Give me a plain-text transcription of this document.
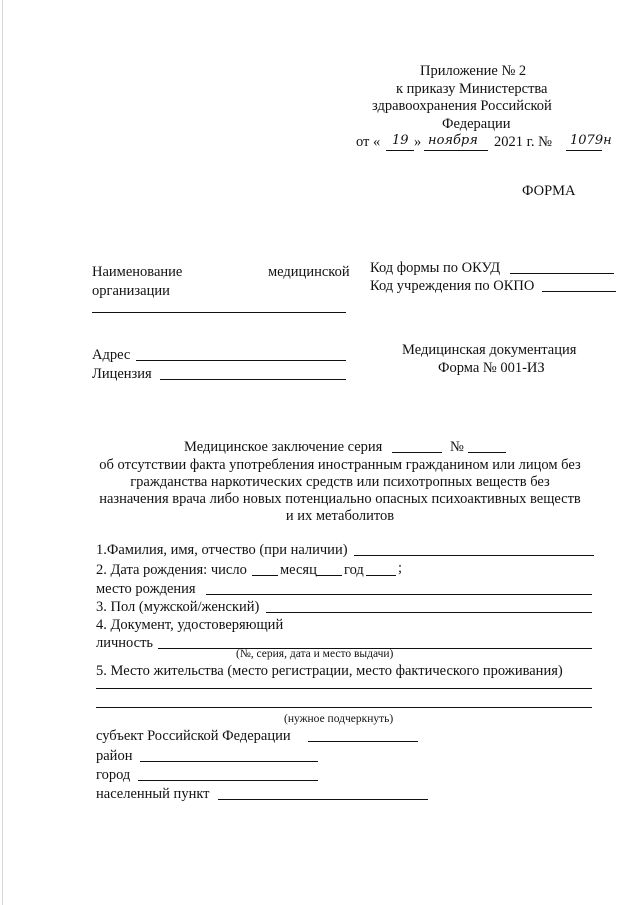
Приложение № 2
к приказу Министерства
здравоохранения Российской
Федерации
от « 19 » ноября 2021 г. № 1079н
ФОРМА
Наименование	медицинской
организации
Код формы по ОКУД
Код учреждения по ОКПО
Адрес
Лицензия
Медицинская документация
Форма № 001-ИЗ
Медицинское заключение серия	№
об отсутствии факта употребления иностранным гражданином или лицом без
гражданства наркотических средств или психотропных веществ без
назначения врача либо новых потенциально опасных психоактивных веществ
и их метаболитов
1.Фамилия, имя, отчество (при наличии)
2. Дата рождения: число месяц год ;
место рождения
3. Пол (мужской/женский)
4. Документ, удостоверяющий
личность
(№, серия, дата и место выдачи)
5. Место жительства (место регистрации, место фактического проживания)
(нужное подчеркнуть)
субъект Российской Федерации
район
город
населенный пункт
